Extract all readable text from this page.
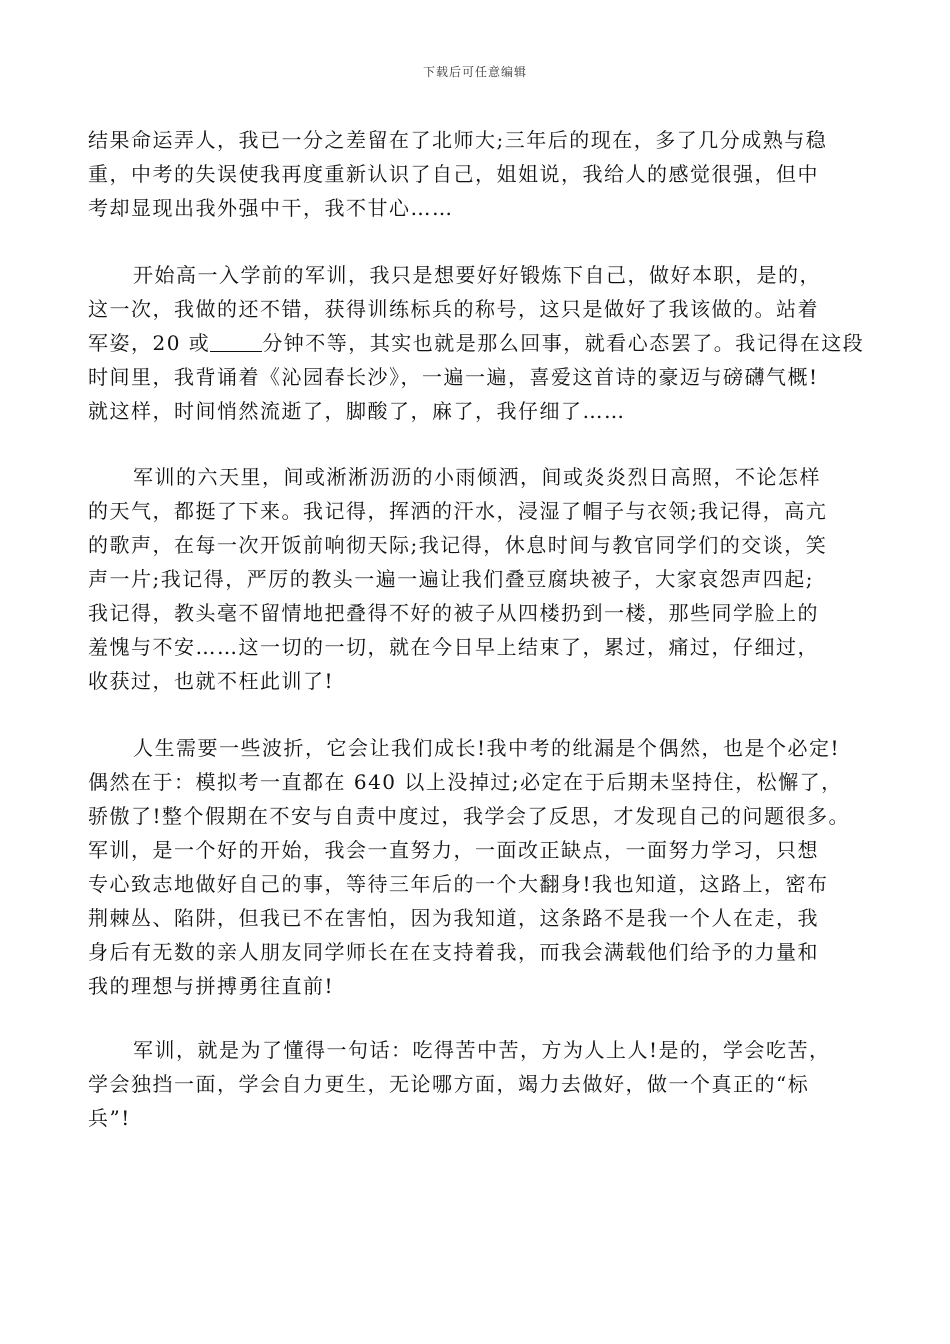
下载后可任意编辑
结果命运弄人，我已一分之差留在了北师大;三年后的现在，多了几分成熟与稳
重，中考的失误使我再度重新认识了自己，姐姐说，我给人的感觉很强，但中
考却显现出我外强中干，我不甘心……
开始高一入学前的军训，我只是想要好好锻炼下自己，做好本职，是的，
这一次，我做的还不错，获得训练标兵的称号，这只是做好了我该做的。站着
军姿，20 或	分钟不等，其实也就是那么回事，就看心态罢了。我记得在这段
时间里，我背诵着《沁园春长沙》，一遍一遍，喜爱这首诗的豪迈与磅礴气概!
就这样，时间悄然流逝了，脚酸了，麻了，我仔细了……
军训的六天里，间或淅淅沥沥的小雨倾洒，间或炎炎烈日高照，不论怎样
的天气，都挺了下来。我记得，挥洒的汗水，浸湿了帽子与衣领;我记得，高亢
的歌声，在每一次开饭前响彻天际;我记得，休息时间与教官同学们的交谈，笑
声一片;我记得，严厉的教头一遍一遍让我们叠豆腐块被子，大家哀怨声四起;
我记得，教头毫不留情地把叠得不好的被子从四楼扔到一楼，那些同学脸上的
羞愧与不安……这一切的一切，就在今日早上结束了，累过，痛过，仔细过，
收获过，也就不枉此训了!
人生需要一些波折，它会让我们成长!我中考的纰漏是个偶然，也是个必定!
偶然在于：模拟考一直都在 640 以上没掉过;必定在于后期未坚持住，松懈了，
骄傲了!整个假期在不安与自责中度过，我学会了反思，才发现自己的问题很多。
军训，是一个好的开始，我会一直努力，一面改正缺点，一面努力学习，只想
专心致志地做好自己的事，等待三年后的一个大翻身!我也知道，这路上，密布
荆棘丛、陷阱，但我已不在害怕，因为我知道，这条路不是我一个人在走，我
身后有无数的亲人朋友同学师长在在支持着我，而我会满载他们给予的力量和
我的理想与拼搏勇往直前!
军训，就是为了懂得一句话：吃得苦中苦，方为人上人!是的，学会吃苦，
学会独挡一面，学会自力更生，无论哪方面，竭力去做好，做一个真正的“标
兵”!
